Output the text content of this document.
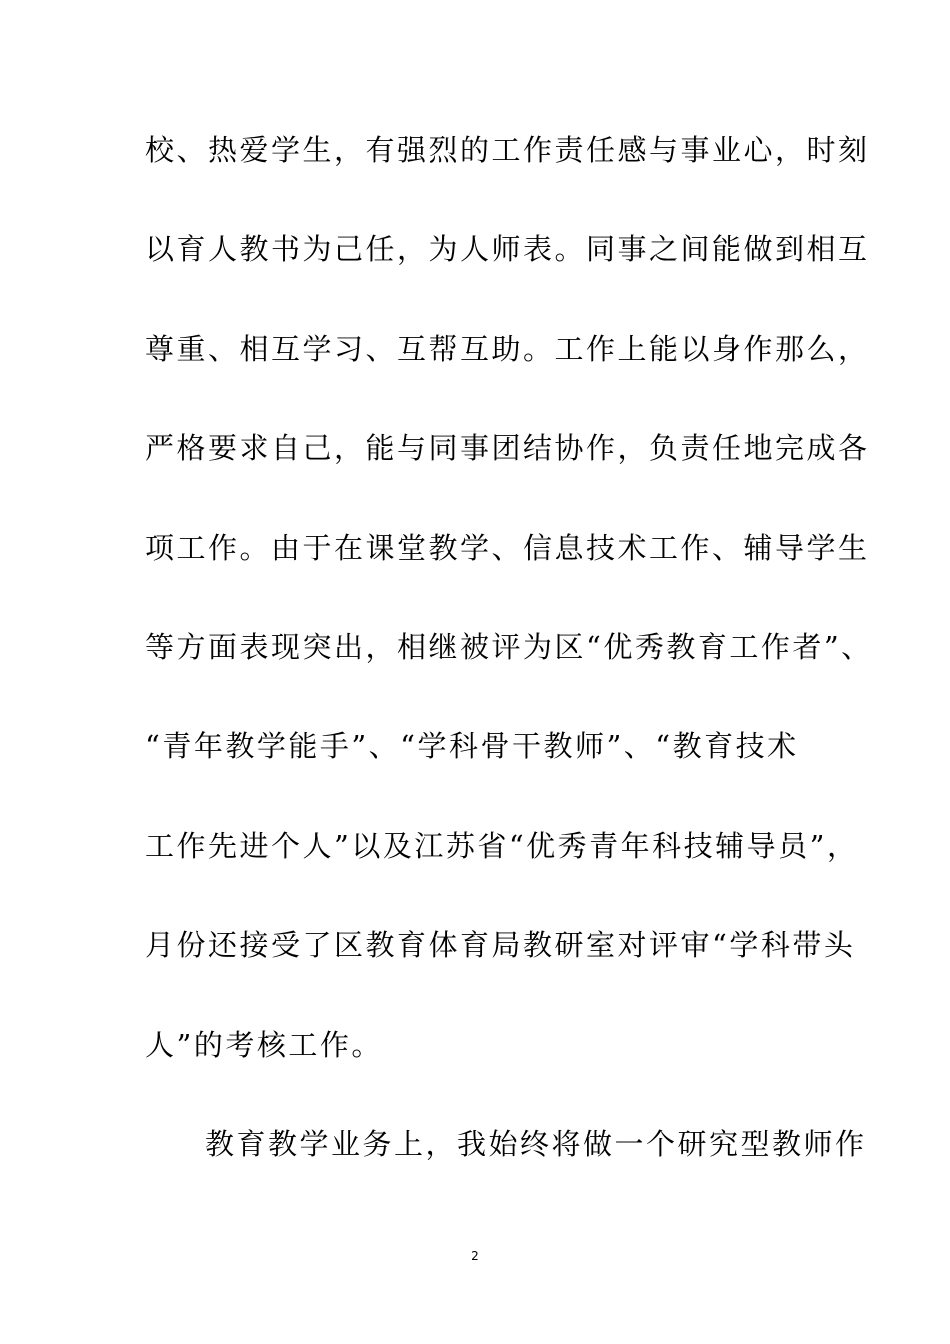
校、热爱学生，有强烈的工作责任感与事业心，时刻
以育人教书为己任，为人师表。同事之间能做到相互
尊重、相互学习、互帮互助。工作上能以身作那么，
严格要求自己，能与同事团结协作，负责任地完成各
项工作。由于在课堂教学、信息技术工作、辅导学生
等方面表现突出，相继被评为区“优秀教育工作者”、
“青年教学能手”、“学科骨干教师”、“教育技术
工作先进个人”以及江苏省“优秀青年科技辅导员”，
月份还接受了区教育体育局教研室对评审“学科带头
人”的考核工作。
教育教学业务上，我始终将做一个研究型教师作
2
